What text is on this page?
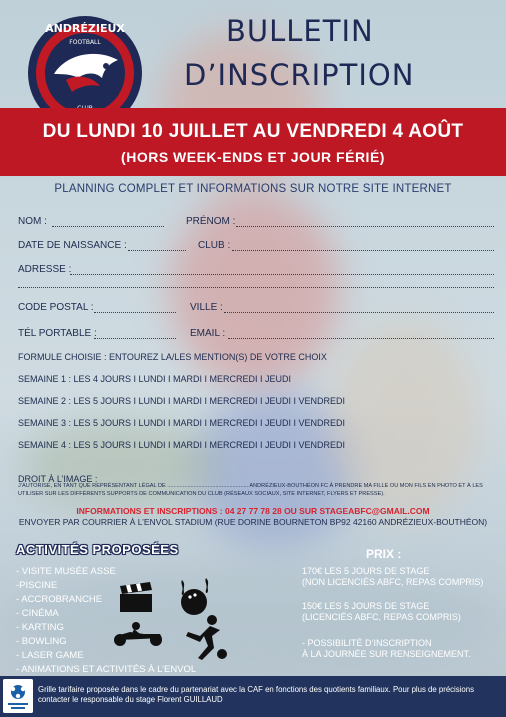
ANDRÉZIEUX
FOOTBALL	BULLETIN
D’INSCRIPTION
DU LUNDI 10 JUILLET AU VENDREDI 4 AOÛT
(HORS WEEK-ENDS ET JOUR FÉRIÉ)
PLANNING COMPLET ET INFORMATIONS SUR NOTRE SITE INTERNET
NOM :	PRÉNOM :
DATE DE NAISSANCE :	CLUB :
ADRESSE :
CODE POSTAL :	VILLE :
TÉL PORTABLE :	EMAIL :
FORMULE CHOISIE : ENTOUREZ LA/LES MENTION(S) DE VOTRE CHOIX
SEMAINE 1 : LES 4 JOURS I LUNDI I MARDI I MERCREDI I JEUDI
SEMAINE 2 : LES 5 JOURS I LUNDI I MARDI I MERCREDI I JEUDI I VENDREDI
SEMAINE 3 : LES 5 JOURS I LUNDI I MARDI I MERCREDI I JEUDI I VENDREDI
SEMAINE 4 : LES 5 JOURS I LUNDI I MARDI I MERCREDI I JEUDI I VENDREDI
DROIT À L’IMAGE :
J’AUTORISE, EN TANT QUE REPRÉSENTANT LÉGAL DE .................................................... ANDRÉZIEUX-BOUTHÉON FC À PRENDRE MA FILLE OU MON FILS EN PHOTO ET À LES UTILISER SUR LES DIFFÉRENTS SUPPORTS DE COMMUNICATION DU CLUB (RÉSEAUX SOCIAUX, SITE INTERNET, FLYERS ET PRESSE).
INFORMATIONS ET INSCRIPTIONS : 04 27 77 78 28 OU SUR STAGEABFC@GMAIL.COM
ENVOYER PAR COURRIER À L’ENVOL STADIUM (RUE DORINE BOURNETON BP92 42160 ANDRÉZIEUX-BOUTHÉON)
ACTIVITÉS PROPOSÉES
- VISITE MUSÉE ASSE
-PISCINE
- ACCROBRANCHE
- CINÉMA
- KARTING
- BOWLING
- LASER GAME
- ANIMATIONS ET ACTIVITÉS À L’ENVOL
PRIX :
170€ LES 5 JOURS DE STAGE
(NON LICENCIÉS ABFC, REPAS COMPRIS)
150€ LES 5 JOURS DE STAGE
(LICENCIÉS ABFC, REPAS COMPRIS)
- POSSIBILITÉ D’INSCRIPTION
À LA JOURNÉE SUR RENSEIGNEMENT.
Grille tarifaire proposée dans le cadre du partenariat avec la CAF en fonctions des quotients familiaux. Pour plus de précisions contacter le responsable du stage Florent GUILLAUD
